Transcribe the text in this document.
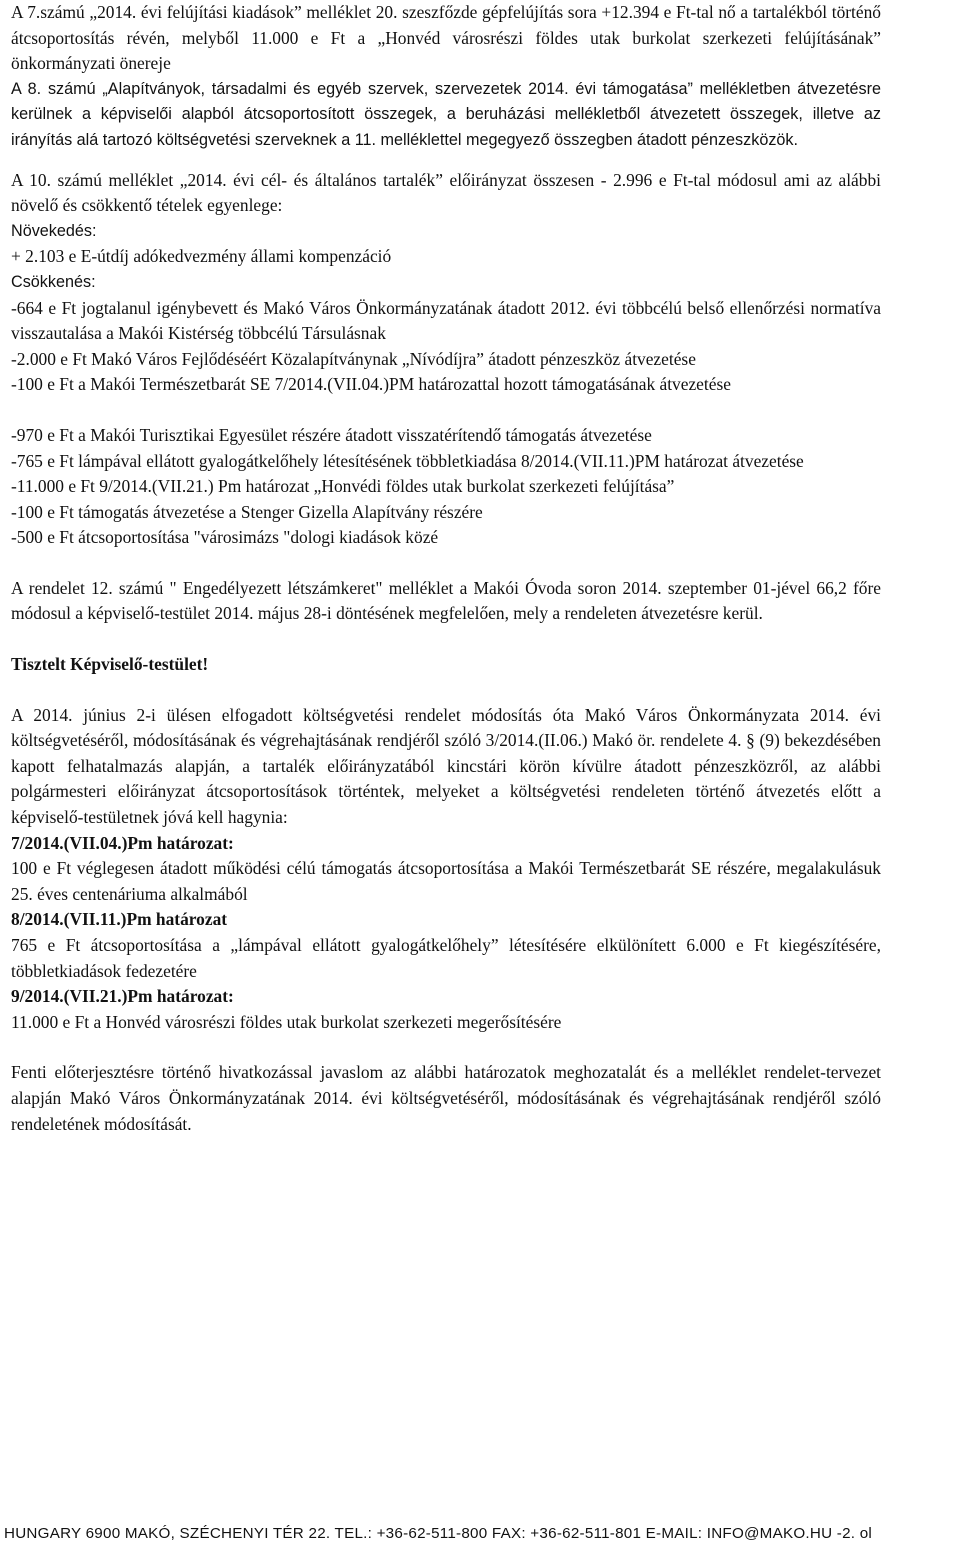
A 7.számú „2014. évi felújítási kiadások” melléklet 20. szeszfőzde gépfelújítás sora +12.394 e Ft-tal nő a tartalékból történő átcsoportosítás révén, melyből 11.000 e Ft a „Honvéd városrészi földes utak burkolat szerkezeti felújításának” önkormányzati önereje

A 8. számú „Alapítványok, társadalmi és egyéb szervek, szervezetek 2014. évi támogatása” mellékletben átvezetésre kerülnek a képviselői alapból átcsoportosított összegek, a beruházási mellékletből átvezetett összegek, illetve az irányítás alá tartozó költségvetési szerveknek a 11. melléklettel megegyező összegben átadott pénzeszközök.

A 10. számú melléklet „2014. évi cél- és általános tartalék” előirányzat összesen - 2.996 e Ft-tal módosul ami az alábbi növelő és csökkentő tételek egyenlege:

Növekedés:

+ 2.103 e E-útdíj adókedvezmény állami kompenzáció

Csökkenés:

-664 e Ft jogtalanul igénybevett és Makó Város Önkormányzatának átadott 2012. évi többcélú belső ellenőrzési normatíva visszautalása a Makói Kistérség többcélú Társulásnak

-2.000 e Ft Makó Város Fejlődéséért Közalapítványnak „Nívódíjra” átadott pénzeszköz átvezetése

-100 e Ft a Makói Természetbarát SE 7/2014.(VII.04.)PM határozattal hozott támogatásának átvezetése

-970 e Ft a Makói Turisztikai Egyesület részére átadott visszatérítendő támogatás átvezetése

-765 e Ft lámpával ellátott gyalogátkelőhely létesítésének többletkiadása 8/2014.(VII.11.)PM határozat átvezetése

-11.000 e Ft 9/2014.(VII.21.) Pm határozat „Honvédi földes utak burkolat szerkezeti felújítása”

-100 e Ft támogatás átvezetése a Stenger Gizella Alapítvány részére

-500 e Ft átcsoportosítása "városimázs "dologi kiadások közé

A rendelet 12. számú " Engedélyezett létszámkeret" melléklet a Makói Óvoda soron 2014. szeptember 01-jével 66,2 főre módosul a képviselő-testület 2014. május 28-i döntésének megfelelően, mely a rendeleten átvezetésre kerül.

Tisztelt Képviselő-testület!

A 2014. június 2-i ülésen elfogadott költségvetési rendelet módosítás óta Makó Város Önkormányzata 2014. évi költségvetéséről, módosításának és végrehajtásának rendjéről szóló 3/2014.(II.06.) Makó ör. rendelete 4. § (9) bekezdésében kapott felhatalmazás alapján, a tartalék előirányzatából kincstári körön kívülre átadott pénzeszközről, az alábbi polgármesteri előirányzat átcsoportosítások történtek, melyeket a költségvetési rendeleten történő átvezetés előtt a képviselő-testületnek jóvá kell hagynia:

7/2014.(VII.04.)Pm határozat:

100 e Ft véglegesen átadott működési célú támogatás átcsoportosítása a Makói Természetbarát SE részére, megalakulásuk 25. éves centenáriuma alkalmából

8/2014.(VII.11.)Pm határozat

765 e Ft átcsoportosítása a „lámpával ellátott gyalogátkelőhely” létesítésére elkülönített 6.000 e Ft kiegészítésére, többletkiadások fedezetére

9/2014.(VII.21.)Pm határozat:

11.000 e Ft a Honvéd városrészi földes utak burkolat szerkezeti megerősítésére

Fenti előterjesztésre történő hivatkozással javaslom az alábbi határozatok meghozatalát és a melléklet rendelet-tervezet alapján Makó Város Önkormányzatának 2014. évi költségvetéséről, módosításának és végrehajtásának rendjéről szóló rendeletének módosítását.

HUNGARY 6900 MAKÓ, SZÉCHENYI TÉR 22. TEL.: +36-62-511-800 FAX: +36-62-511-801 E-MAIL: INFO@MAKO.HU -2. ol
